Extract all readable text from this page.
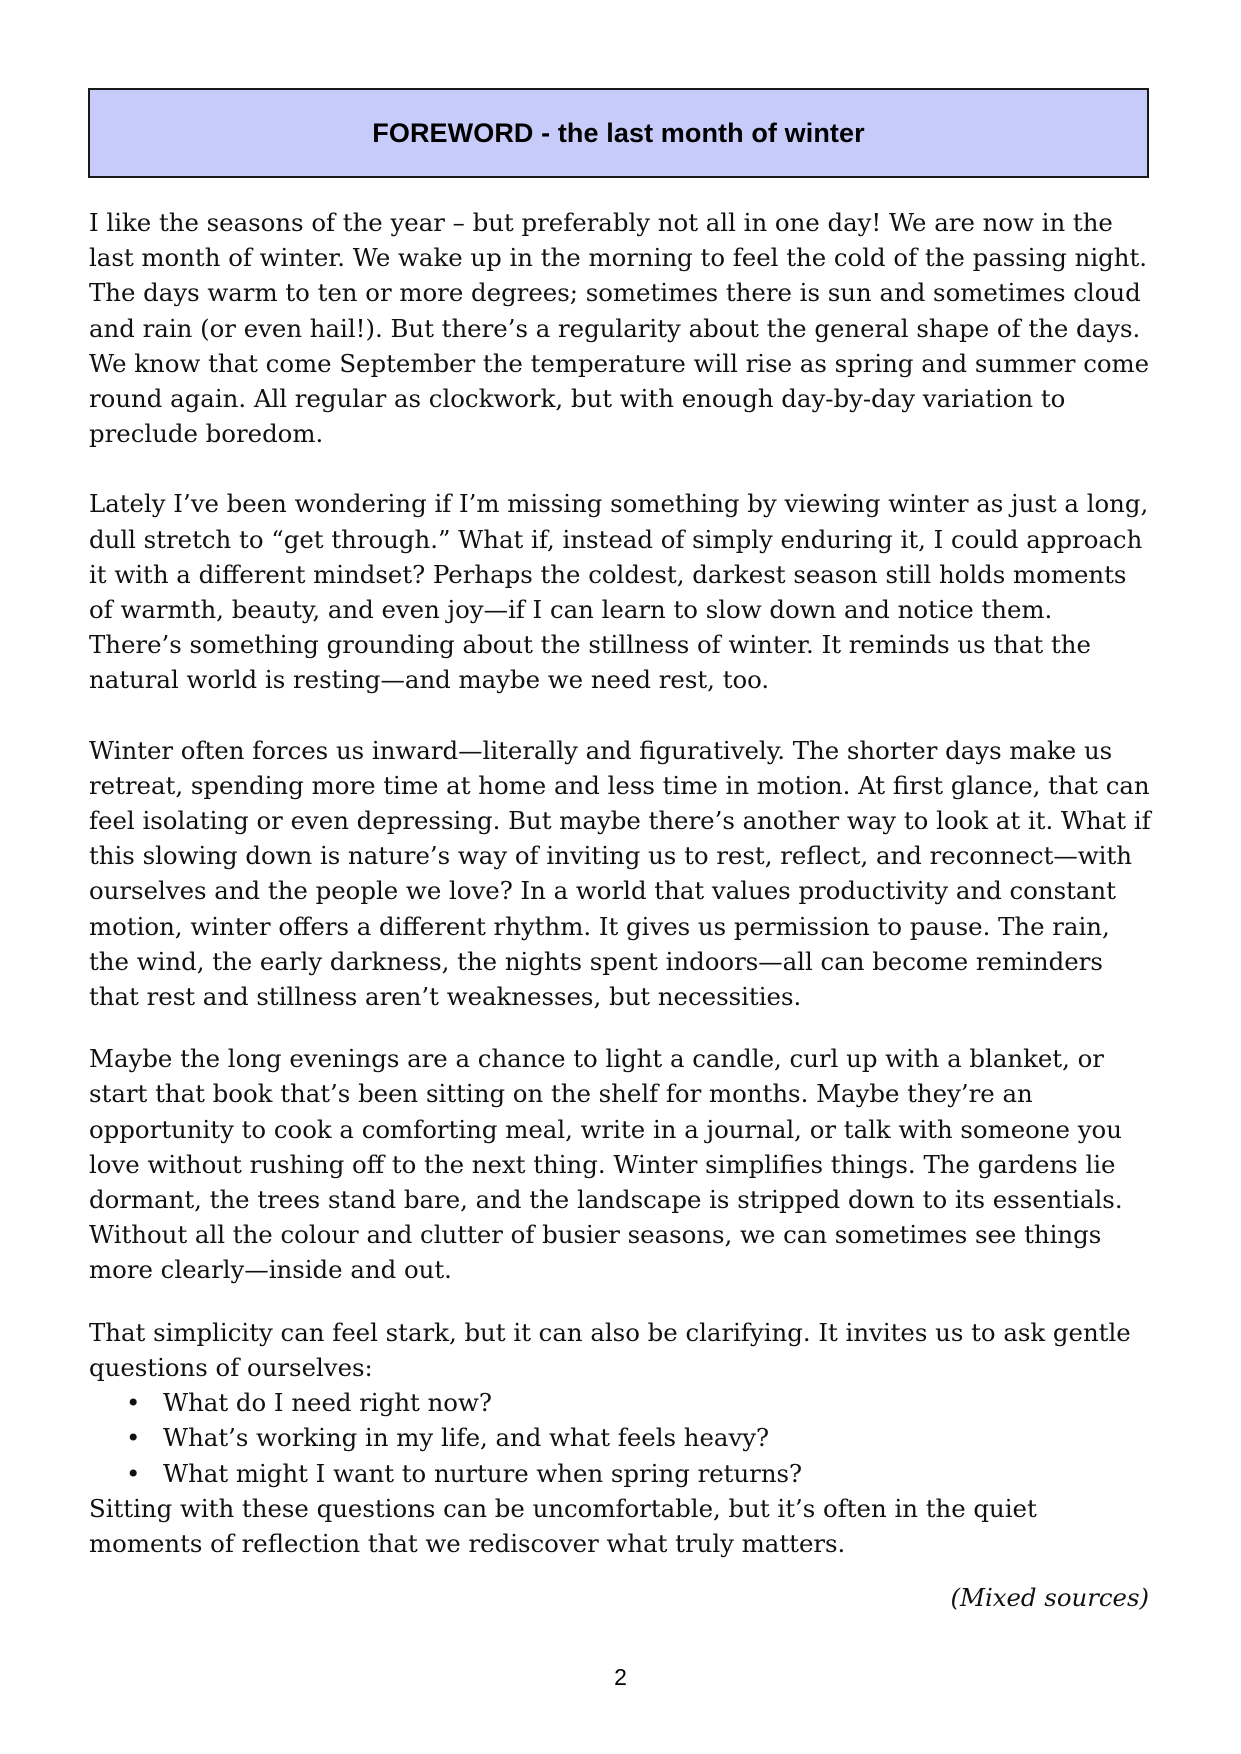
FOREWORD - the last month of winter

I like the seasons of the year – but preferably not all in one day! We are now in the last month of winter. We wake up in the morning to feel the cold of the passing night. The days warm to ten or more degrees; sometimes there is sun and sometimes cloud and rain (or even hail!). But there’s a regularity about the general shape of the days. We know that come September the temperature will rise as spring and summer come round again. All regular as clockwork, but with enough day-by-day variation to preclude boredom.

Lately I’ve been wondering if I’m missing something by viewing winter as just a long, dull stretch to “get through.” What if, instead of simply enduring it, I could approach it with a different mindset? Perhaps the coldest, darkest season still holds moments of warmth, beauty, and even joy—if I can learn to slow down and notice them. There’s something grounding about the stillness of winter. It reminds us that the natural world is resting—and maybe we need rest, too.

Winter often forces us inward—literally and figuratively. The shorter days make us retreat, spending more time at home and less time in motion. At first glance, that can feel isolating or even depressing. But maybe there’s another way to look at it. What if this slowing down is nature’s way of inviting us to rest, reflect, and reconnect—with ourselves and the people we love? In a world that values productivity and constant motion, winter offers a different rhythm. It gives us permission to pause. The rain, the wind, the early darkness, the nights spent indoors—all can become reminders that rest and stillness aren’t weaknesses, but necessities.

Maybe the long evenings are a chance to light a candle, curl up with a blanket, or start that book that’s been sitting on the shelf for months. Maybe they’re an opportunity to cook a comforting meal, write in a journal, or talk with someone you love without rushing off to the next thing. Winter simplifies things. The gardens lie dormant, the trees stand bare, and the landscape is stripped down to its essentials. Without all the colour and clutter of busier seasons, we can sometimes see things more clearly—inside and out.

That simplicity can feel stark, but it can also be clarifying. It invites us to ask gentle questions of ourselves:

• What do I need right now?
• What’s working in my life, and what feels heavy?
• What might I want to nurture when spring returns?

Sitting with these questions can be uncomfortable, but it’s often in the quiet moments of reflection that we rediscover what truly matters.

(Mixed sources)
2
